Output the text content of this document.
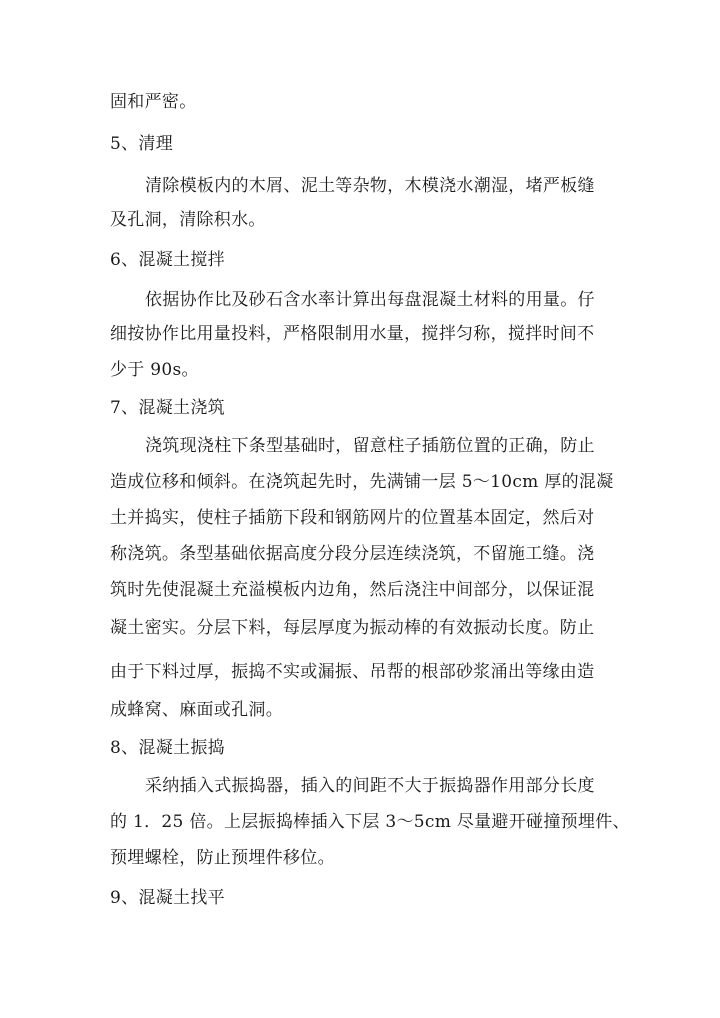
固和严密。
5、清理
清除模板内的木屑、泥土等杂物，木模浇水潮湿，堵严板缝
及孔洞，清除积水。
6、混凝土搅拌
依据协作比及砂石含水率计算出每盘混凝土材料的用量。仔
细按协作比用量投料，严格限制用水量，搅拌匀称，搅拌时间不
少于 90s。
7、混凝土浇筑
浇筑现浇柱下条型基础时，留意柱子插筋位置的正确，防止
造成位移和倾斜。在浇筑起先时，先满铺一层 5～10cm 厚的混凝
土并捣实，使柱子插筋下段和钢筋网片的位置基本固定，然后对
称浇筑。条型基础依据高度分段分层连续浇筑，不留施工缝。浇
筑时先使混凝土充溢模板内边角，然后浇注中间部分，以保证混
凝土密实。分层下料，每层厚度为振动棒的有效振动长度。防止
由于下料过厚，振捣不实或漏振、吊帮的根部砂浆涌出等缘由造
成蜂窝、麻面或孔洞。
8、混凝土振捣
采纳插入式振捣器，插入的间距不大于振捣器作用部分长度
的 1．25 倍。上层振捣棒插入下层 3～5cm 尽量避开碰撞预埋件、
预埋螺栓，防止预埋件移位。
9、混凝土找平
